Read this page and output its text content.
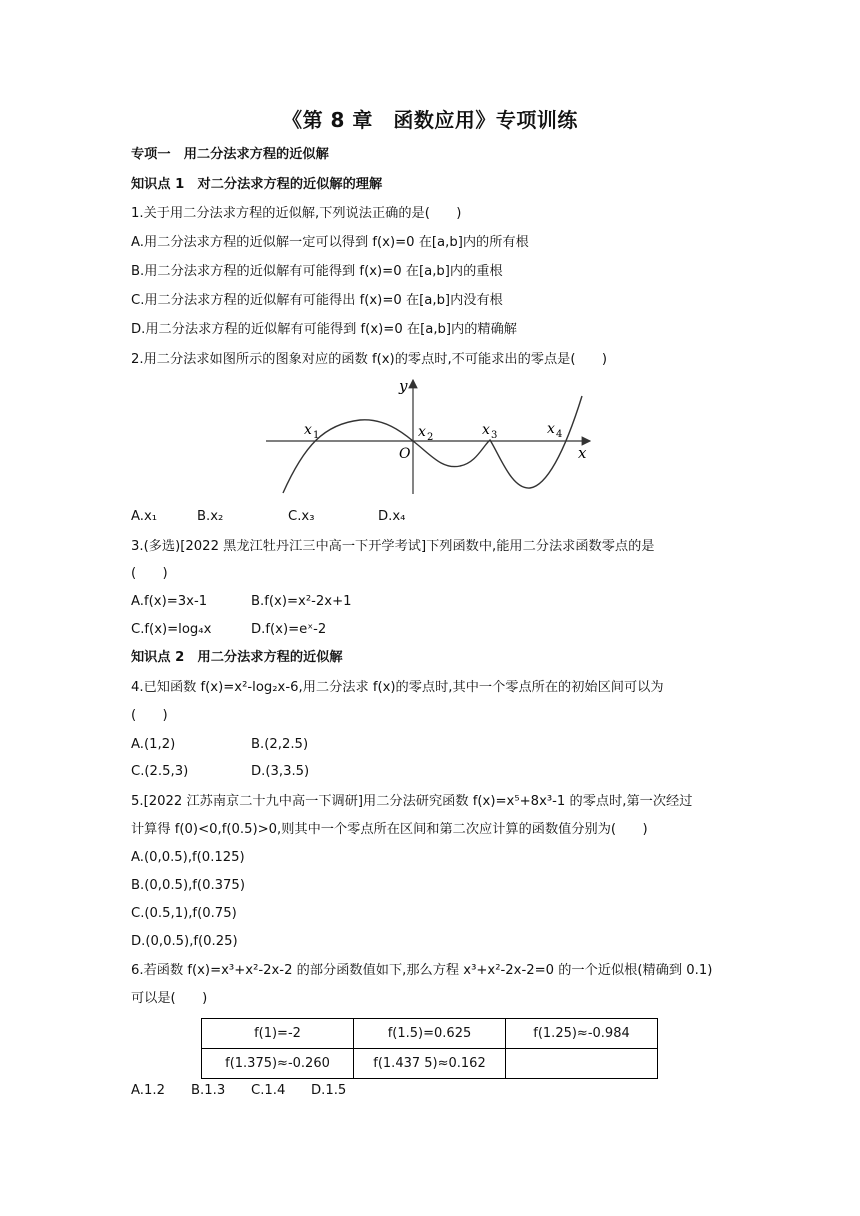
《第 8 章　函数应用》专项训练
专项一　用二分法求方程的近似解
知识点 1　对二分法求方程的近似解的理解
1.关于用二分法求方程的近似解,下列说法正确的是(　　)
A.用二分法求方程的近似解一定可以得到 f(x)=0 在[a,b]内的所有根
B.用二分法求方程的近似解有可能得到 f(x)=0 在[a,b]内的重根
C.用二分法求方程的近似解有可能得出 f(x)=0 在[a,b]内没有根
D.用二分法求方程的近似解有可能得到 f(x)=0 在[a,b]内的精确解
2.用二分法求如图所示的图象对应的函数 f(x)的零点时,不可能求出的零点是(　　)
y
x
O
x 1	x 2	x 3	x 4
A.x₁	B.x₂	C.x₃	D.x₄
3.(多选)[2022 黑龙江牡丹江三中高一下开学考试]下列函数中,能用二分法求函数零点的是
(　　)
A.f(x)=3x-1	B.f(x)=x²-2x+1
C.f(x)=log₄x	D.f(x)=eˣ-2
知识点 2　用二分法求方程的近似解
4.已知函数 f(x)=x²-log₂x-6,用二分法求 f(x)的零点时,其中一个零点所在的初始区间可以为
(　　)
A.(1,2)	B.(2,2.5)
C.(2.5,3)	D.(3,3.5)
5.[2022 江苏南京二十九中高一下调研]用二分法研究函数 f(x)=x⁵+8x³-1 的零点时,第一次经过
计算得 f(0)<0,f(0.5)>0,则其中一个零点所在区间和第二次应计算的函数值分别为(　　)
A.(0,0.5),f(0.125)
B.(0,0.5),f(0.375)
C.(0.5,1),f(0.75)
D.(0,0.5),f(0.25)
6.若函数 f(x)=x³+x²-2x-2 的部分函数值如下,那么方程 x³+x²-2x-2=0 的一个近似根(精确到 0.1)
可以是(　　)
f(1)=-2	f(1.5)=0.625	f(1.25)≈-0.984
f(1.375)≈-0.260	f(1.437 5)≈0.162	
A.1.2 B.1.3 C.1.4 D.1.5
